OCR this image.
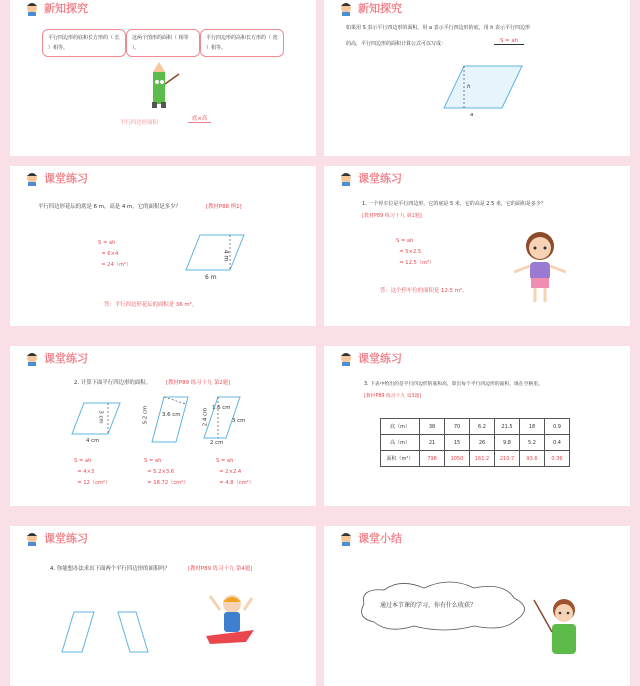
新知探究
平行四边形的底和长方形的（ 长 ）相等。
这两个图形的面积（ 相等 ）。
平行四边形的高和长方形的（ 宽 ）相等。
平行四边形面积
底×高
新知探究
如果用 S 表示平行四边形的面积，用 a 表示平行四边形的底，用 h 表示平行四边形
的高，平行四边形的面积计算公式可以写成：	S = ah
h
a
课堂练习
平行四边形花坛的底是 6 m，高是 4 m，它的面积是多少？	[教材P88 例1]
S = ah
= 6×4
= 24（m²）
4 m
6 m
答：平行四边形花坛的面积是 36 m²。
课堂练习
1. 一个停车位是平行四边形。它的底是 5 米，它的高是 2.5 米，它的面积是多少？
[教材P89 练习十九 第1题]
S = ah
= 5×2.5
= 12.5（m²）
答：这个停车位的面积是 12.5 m²。
课堂练习
2. 计算下面平行四边形的面积。	[教材P89 练习十九 第2题]
3 cm
4 cm
5.2 cm	3.6 cm
1.6 cm
2.4 cm	3 cm
2 cm
S = ah
= 4×3
= 12（cm²）
S = ah
= 5.2×3.6
= 18.72（cm²）
S = ah
= 2×2.4
= 4.8（cm²）
课堂练习
3. 下表中给出的是平行四边形的底和高，算出每个平行四边形的面积，填在空格里。
[教材P89 练习十九 第3题]
底（m）	38	70	6.2	21.5	18	0.9
高（m）	21	15	26	9.8	5.2	0.4
面积（m²）	798	1050	161.2	210.7	93.6	0.36
课堂练习
4. 你能想办法求出下面两个平行四边形的面积吗？	[教材P89 练习十九 第4题]
课堂小结
通过本节课的学习，你有什么收获？
